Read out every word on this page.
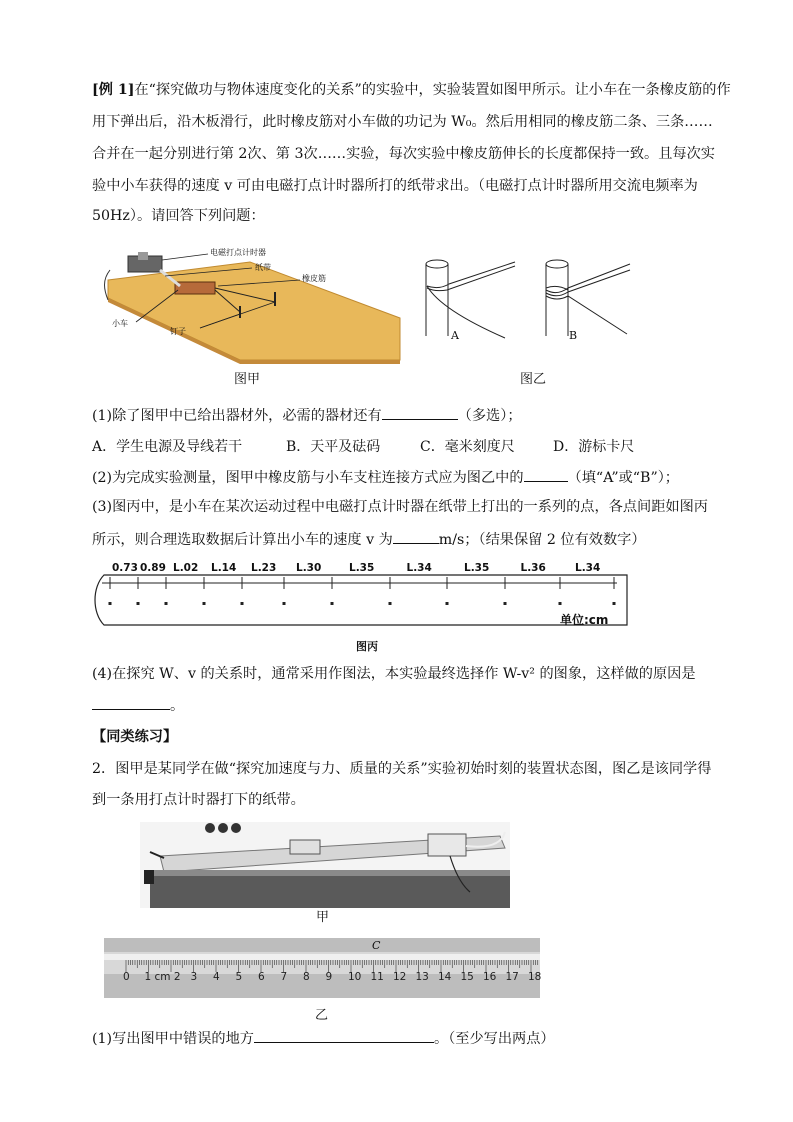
[例 1]在“探究做功与物体速度变化的关系”的实验中，实验装置如图甲所示。让小车在一条橡皮筋的作
用下弹出后，沿木板滑行，此时橡皮筋对小车做的功记为 W₀。然后用相同的橡皮筋二条、三条……
合并在一起分别进行第 2次、第 3次……实验，每次实验中橡皮筋伸长的长度都保持一致。且每次实
验中小车获得的速度 v 可由电磁打点计时器所打的纸带求出。（电磁打点计时器所用交流电频率为
50Hz）。请回答下列问题：
电磁打点计时器
纸带
橡皮筋
小车
钉子
图甲
A	B
图乙
(1)除了图甲中已给出器材外，必需的器材还有	（多选）；
A．学生电源及导线若干	B．天平及砝码	C．毫米刻度尺	D．游标卡尺
(2)为完成实验测量，图甲中橡皮筋与小车支柱连接方式应为图乙中的	（填“A”或“B”）；
(3)图丙中，是小车在某次运动过程中电磁打点计时器在纸带上打出的一系列的点，各点间距如图丙
所示，则合理选取数据后计算出小车的速度 v 为	m/s；（结果保留 2 位有效数字）
0.73 0.89 L.02 L.14 L.23 L.30	L.35	L.34	L.35	L.36	L.34
单位:cm
图丙
(4)在探究 W、v 的关系时，通常采用作图法，本实验最终选择作 W-v² 的图象，这样做的原因是
。
【同类练习】
2．图甲是某同学在做“探究加速度与力、质量的关系”实验初始时刻的装置状态图，图乙是该同学得
到一条用打点计时器打下的纸带。
甲
C
0 1 cm 2 3 4 5 6 7 8 9 10 11 12 13 14 15 16 17 18
乙
(1)写出图甲中错误的地方	。（至少写出两点）
